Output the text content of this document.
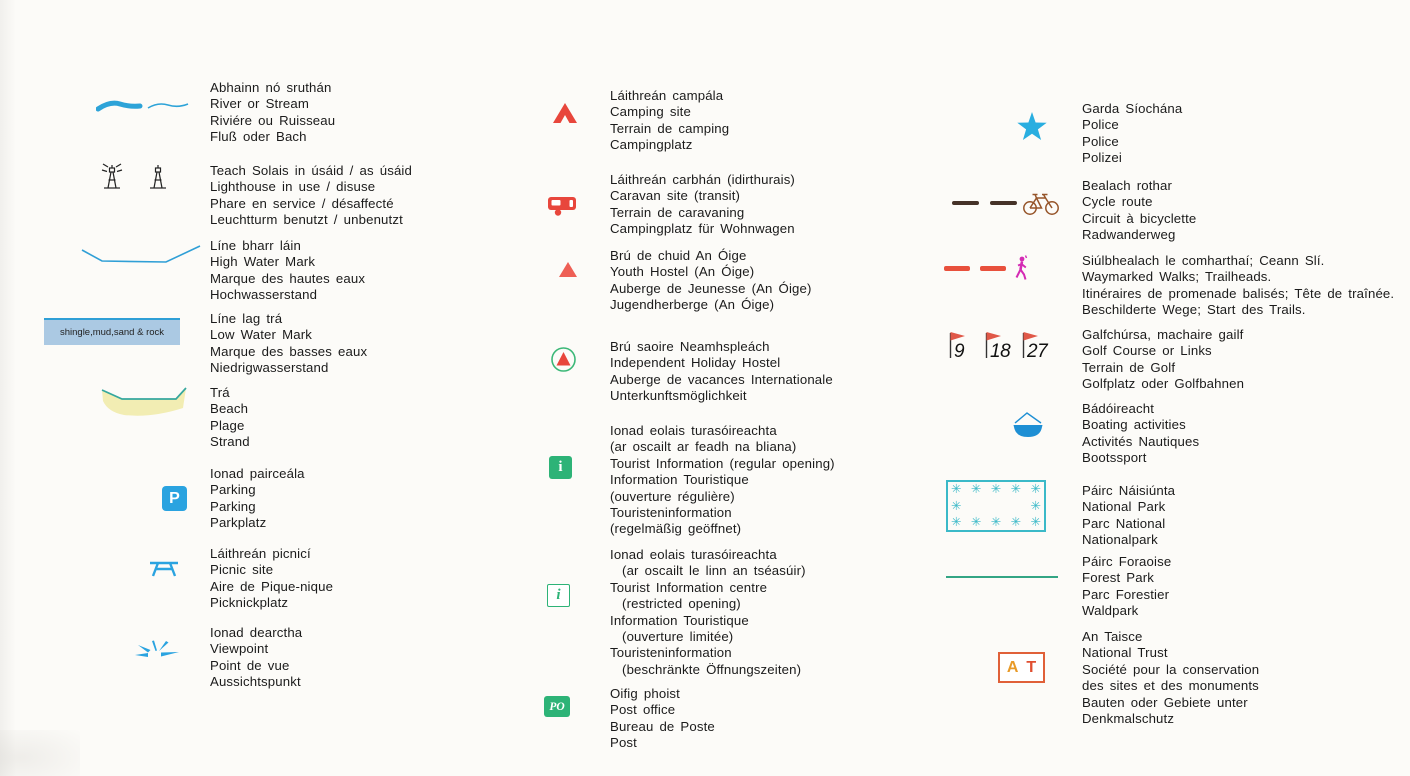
Abhainn nó sruthán
River or Stream
Riviére ou Ruisseau
Fluß oder Bach
Teach Solais in úsáid / as úsáid
Lighthouse in use / disuse
Phare en service / désaffecté
Leuchtturm benutzt / unbenutzt
Líne bharr láin
High Water Mark
Marque des hautes eaux
Hochwasserstand
Líne lag trá
Low Water Mark
Marque des basses eaux
Niedrigwasserstand
Trá
Beach
Plage
Strand
Ionad pairceála
Parking
Parking
Parkplatz
Láithreán picnicí
Picnic site
Aire de Pique-nique
Picknickplatz
Ionad dearctha
Viewpoint
Point de vue
Aussichtspunkt
shingle,mud,sand & rock
P
Láithreán campála
Camping site
Terrain de camping
Campingplatz
Láithreán carbhán (idirthurais)
Caravan site (transit)
Terrain de caravaning
Campingplatz für Wohnwagen
Brú de chuid An Óige
Youth Hostel (An Óige)
Auberge de Jeunesse (An Óige)
Jugendherberge (An Óige)
Brú saoire Neamhspleách
Independent Holiday Hostel
Auberge de vacances Internationale
Unterkunftsmöglichkeit
Ionad eolais turasóireachta
(ar oscailt ar feadh na bliana)
Tourist Information (regular opening)
Information Touristique
(ouverture régulière)
Touristeninformation
(regelmäßig geöffnet)
Ionad eolais turasóireachta
(ar oscailt le linn an tséasúir)
Tourist Information centre
(restricted opening)
Information Touristique
(ouverture limitée)
Touristeninformation
(beschränkte Öffnungszeiten)
Oifig phoist
Post office
Bureau de Poste
Post
i
i
PO
Garda Síochána
Police
Police
Polizei
Bealach rothar
Cycle route
Circuit à bicyclette
Radwanderweg
Siúlbhealach le comharthaí; Ceann Slí.
Waymarked Walks; Trailheads.
Itinéraires de promenade balisés; Tête de traînée.
Beschilderte Wege; Start des Trails.
Galfchúrsa, machaire gailf
Golf Course or Links
Terrain de Golf
Golfplatz oder Golfbahnen
Bádóireacht
Boating activities
Activités Nautiques
Bootssport
Páirc Náisiúnta
National Park
Parc National
Nationalpark
Páirc Foraoise
Forest Park
Parc Forestier
Waldpark
An Taisce
National Trust
Société pour la conservation
des sites et des monuments
Bauten oder Gebiete unter
Denkmalschutz
9 18 27
✳ ✳ ✳ ✳ ✳
✳	✳
✳ ✳ ✳ ✳ ✳
A T
